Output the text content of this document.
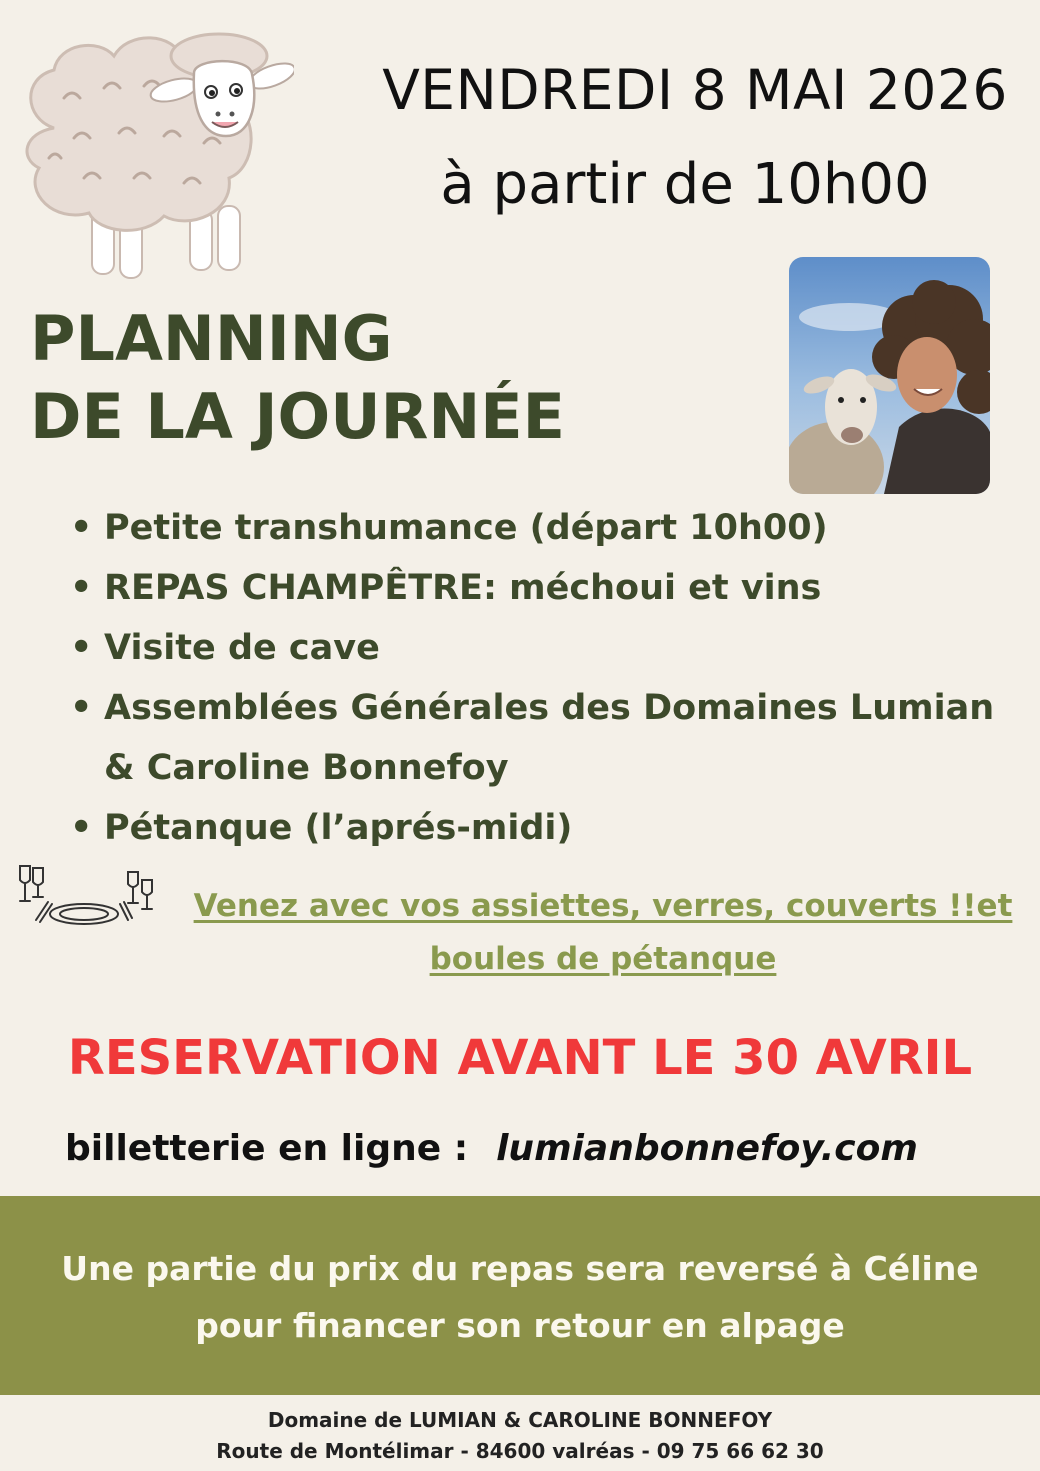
VENDREDI 8 MAI 2026
à partir de 10h00
PLANNING
DE LA JOURNÉE
• Petite transhumance (départ 10h00)
• REPAS CHAMPÊTRE: méchoui et vins
• Visite de cave
• Assemblées Générales des Domaines Lumian
& Caroline Bonnefoy
• Pétanque (l’aprés-midi)
Venez avec vos assiettes, verres, couverts !!et
boules de pétanque
RESERVATION AVANT LE 30 AVRIL
billetterie en ligne : lumianbonnefoy.com
Une partie du prix du repas sera reversé à Céline
pour financer son retour en alpage
Domaine de LUMIAN & CAROLINE BONNEFOY
Route de Montélimar - 84600 valréas - 09 75 66 62 30
